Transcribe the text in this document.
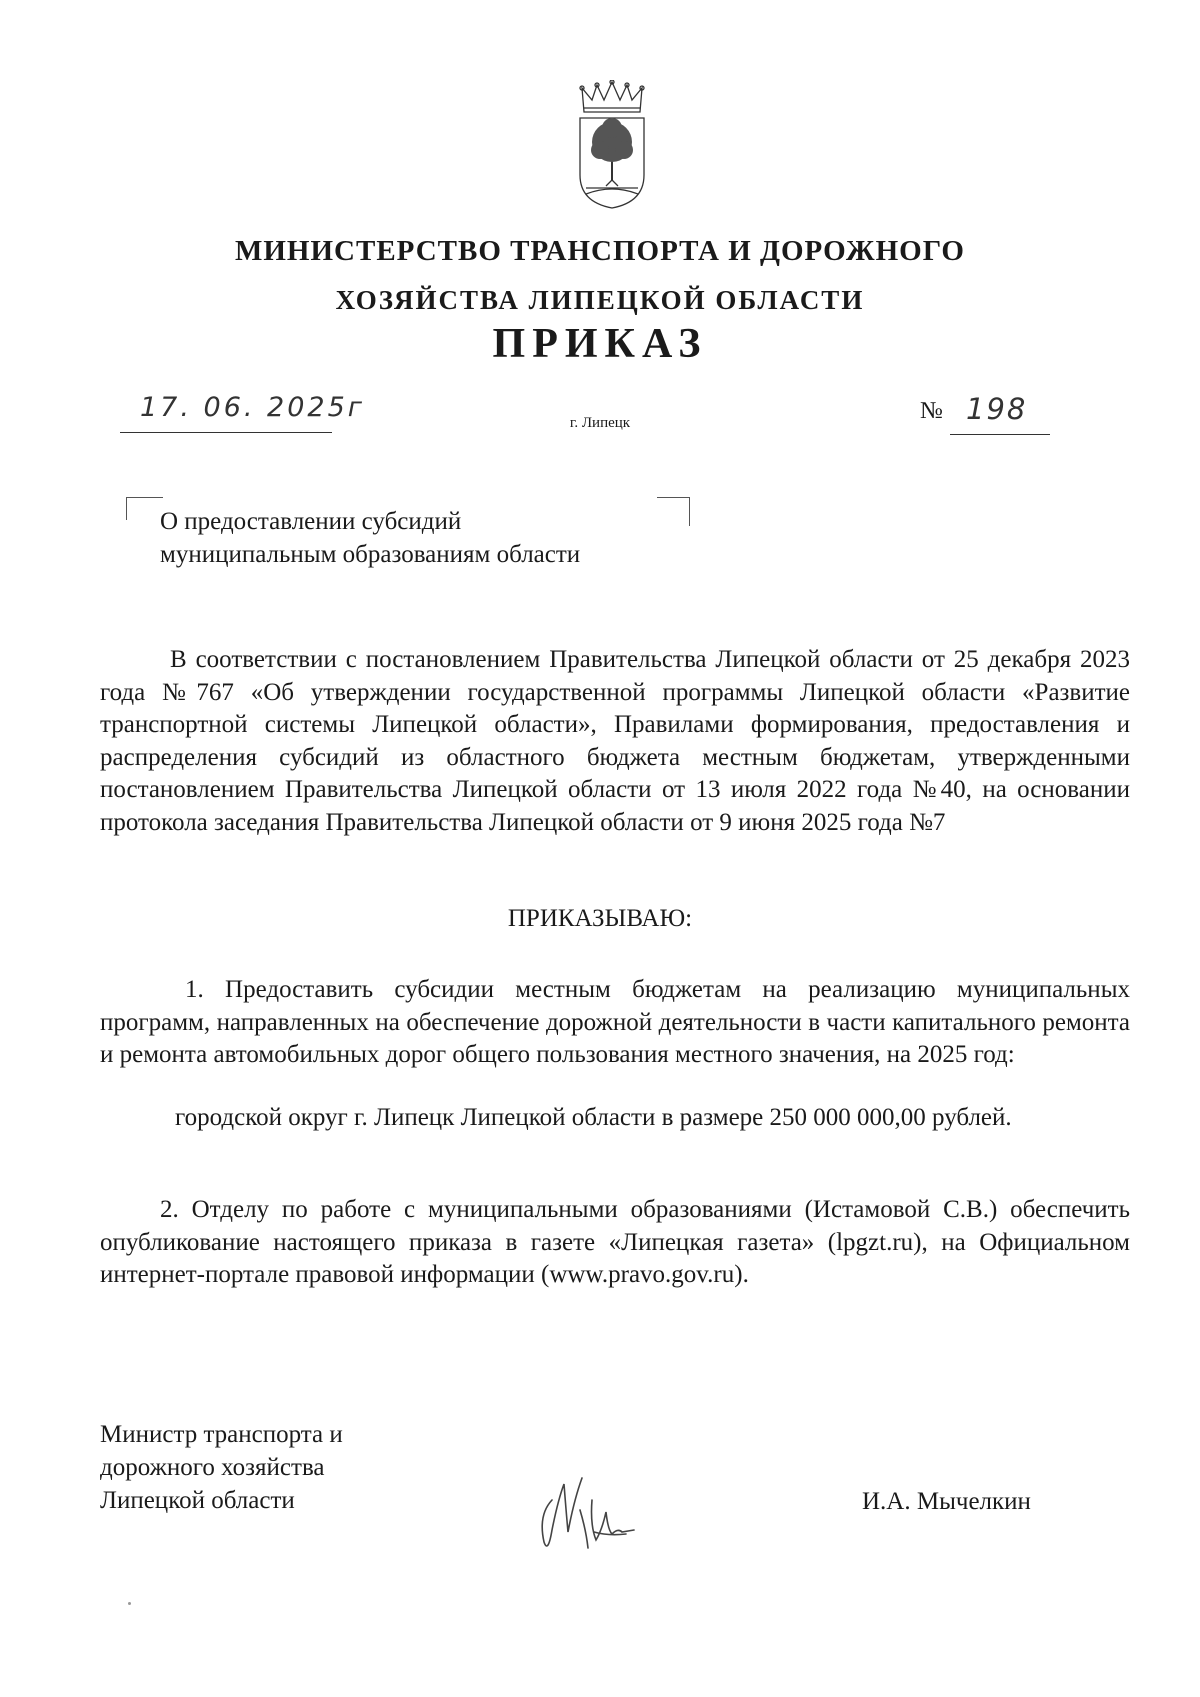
МИНИСТЕРСТВО ТРАНСПОРТА И ДОРОЖНОГО
ХОЗЯЙСТВА ЛИПЕЦКОЙ ОБЛАСТИ
ПРИКАЗ
17. 06. 2025г	г. Липецк	№ 198
О предоставлении субсидий
муниципальным образованиям области
В соответствии с постановлением Правительства Липецкой области от 25 декабря 2023 года №767 «Об утверждении государственной программы Липецкой области «Развитие транспортной системы Липецкой области», Правилами формирования, предоставления и распределения субсидий из областного бюджета местным бюджетам, утвержденными постановлением Правительства Липецкой области от 13 июля 2022 года №40, на основании протокола заседания Правительства Липецкой области от 9 июня 2025 года №7
ПРИКАЗЫВАЮ:
1. Предоставить субсидии местным бюджетам на реализацию муниципальных программ, направленных на обеспечение дорожной деятельности в части капитального ремонта и ремонта автомобильных дорог общего пользования местного значения, на 2025 год:
городской округ г. Липецк Липецкой области в размере 250 000 000,00 рублей.
2. Отделу по работе с муниципальными образованиями (Истамовой С.В.) обеспечить опубликование настоящего приказа в газете «Липецкая газета» (lpgzt.ru), на Официальном интернет-портале правовой информации (www.pravo.gov.ru).
Министр транспорта и
дорожного хозяйства
Липецкой области	И.А. Мычелкин
